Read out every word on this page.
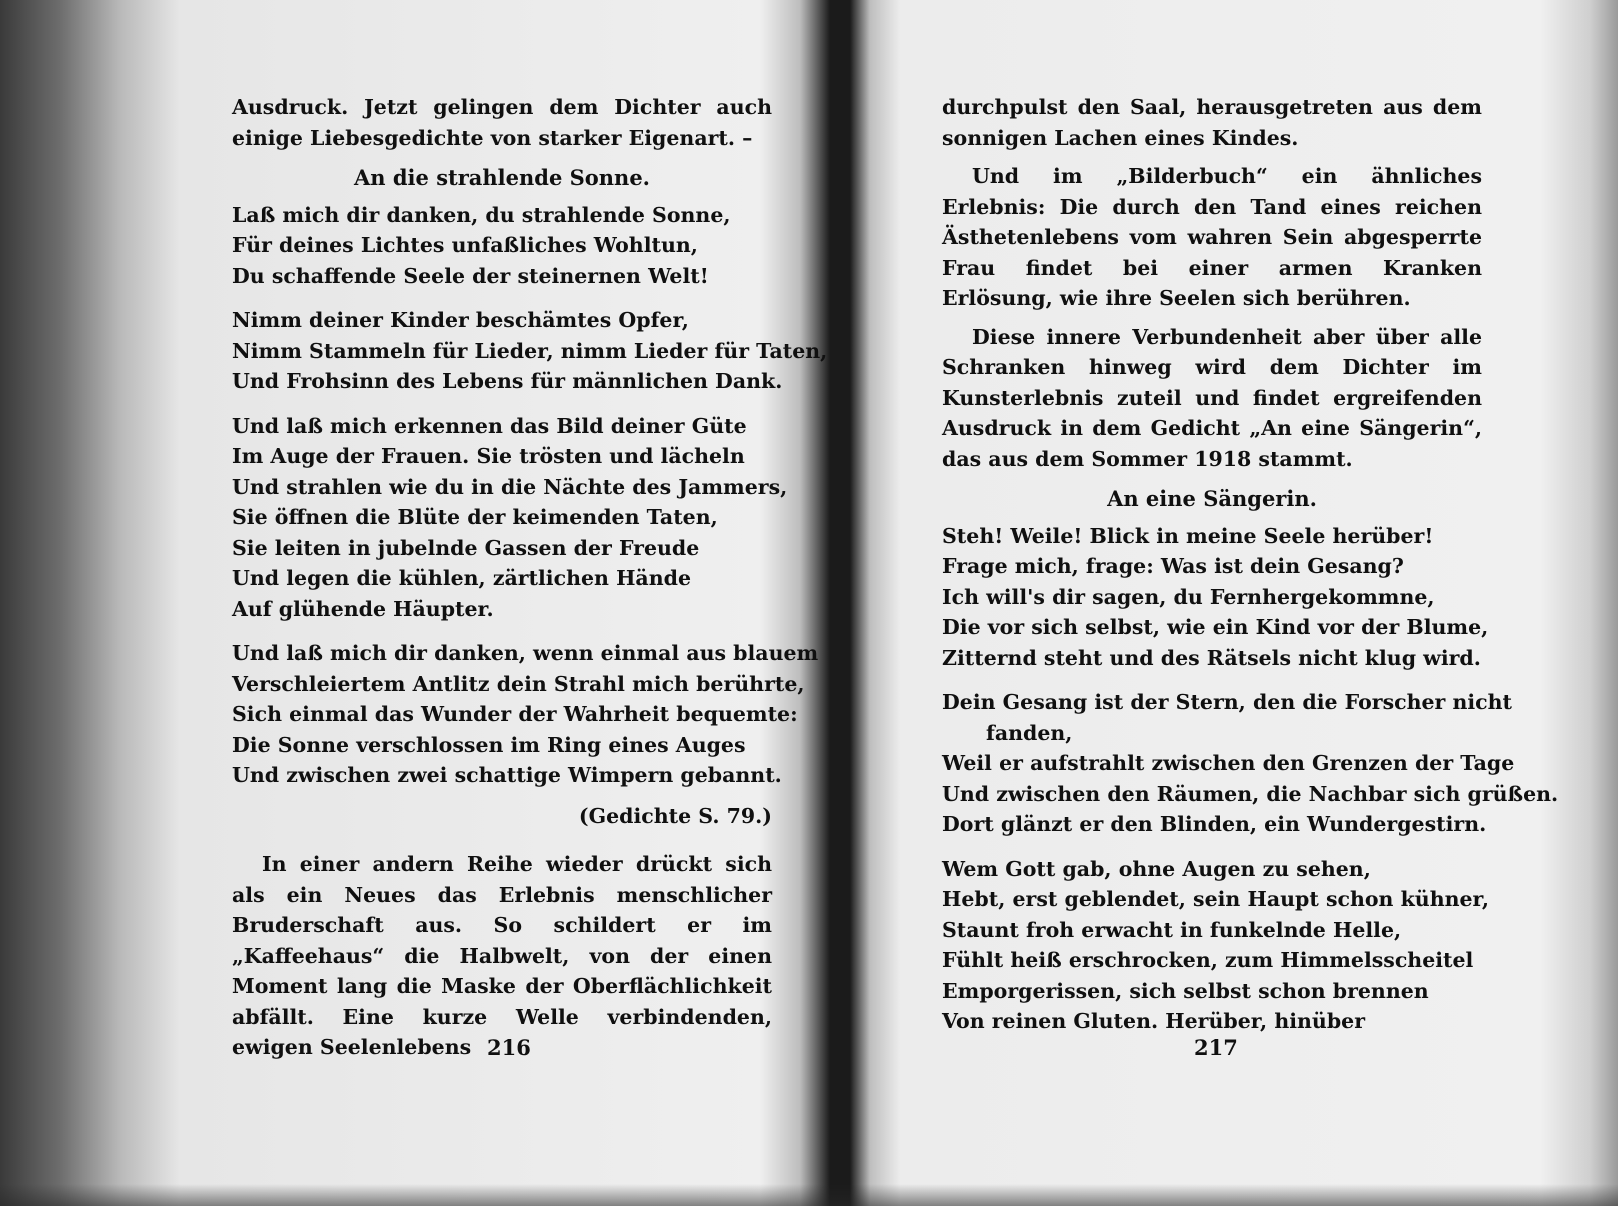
Ausdruck. Jetzt gelingen dem Dichter auch einige Liebesgedichte von starker Eigenart. –

An die strahlende Sonne.
Laß mich dir danken, du strahlende Sonne,
Für deines Lichtes unfaßliches Wohltun,
Du schaffende Seele der steinernen Welt!
Nimm deiner Kinder beschämtes Opfer,
Nimm Stammeln für Lieder, nimm Lieder für Taten,
Und Frohsinn des Lebens für männlichen Dank.
Und laß mich erkennen das Bild deiner Güte
Im Auge der Frauen. Sie trösten und lächeln
Und strahlen wie du in die Nächte des Jammers,
Sie öffnen die Blüte der keimenden Taten,
Sie leiten in jubelnde Gassen der Freude
Und legen die kühlen, zärtlichen Hände
Auf glühende Häupter.
Und laß mich dir danken, wenn einmal aus blauem
Verschleiertem Antlitz dein Strahl mich berührte,
Sich einmal das Wunder der Wahrheit bequemte:
Die Sonne verschlossen im Ring eines Auges
Und zwischen zwei schattige Wimpern gebannt.
(Gedichte S. 79.)

In einer andern Reihe wieder drückt sich als ein Neues das Erlebnis menschlicher Bruderschaft aus. So schildert er im „Kaffeehaus“ die Halbwelt, von der einen Moment lang die Maske der Oberflächlichkeit abfällt. Eine kurze Welle verbindenden, ewigen Seelenlebens 216

durchpulst den Saal, herausgetreten aus dem sonnigen Lachen eines Kindes.

Und im „Bilderbuch“ ein ähnliches Erlebnis: Die durch den Tand eines reichen Ästhetenlebens vom wahren Sein abgesperrte Frau findet bei einer armen Kranken Erlösung, wie ihre Seelen sich berühren.

Diese innere Verbundenheit aber über alle Schranken hinweg wird dem Dichter im Kunsterlebnis zuteil und findet ergreifenden Ausdruck in dem Gedicht „An eine Sängerin“, das aus dem Sommer 1918 stammt.

An eine Sängerin.
Steh! Weile! Blick in meine Seele herüber!
Frage mich, frage: Was ist dein Gesang?
Ich will's dir sagen, du Fernhergekommne,
Die vor sich selbst, wie ein Kind vor der Blume,
Zitternd steht und des Rätsels nicht klug wird.
Dein Gesang ist der Stern, den die Forscher nicht
fanden,
Weil er aufstrahlt zwischen den Grenzen der Tage
Und zwischen den Räumen, die Nachbar sich grüßen.
Dort glänzt er den Blinden, ein Wundergestirn.
Wem Gott gab, ohne Augen zu sehen,
Hebt, erst geblendet, sein Haupt schon kühner,
Staunt froh erwacht in funkelnde Helle,
Fühlt heiß erschrocken, zum Himmelsscheitel
Emporgerissen, sich selbst schon brennen
Von reinen Gluten. Herüber, hinüber
217
